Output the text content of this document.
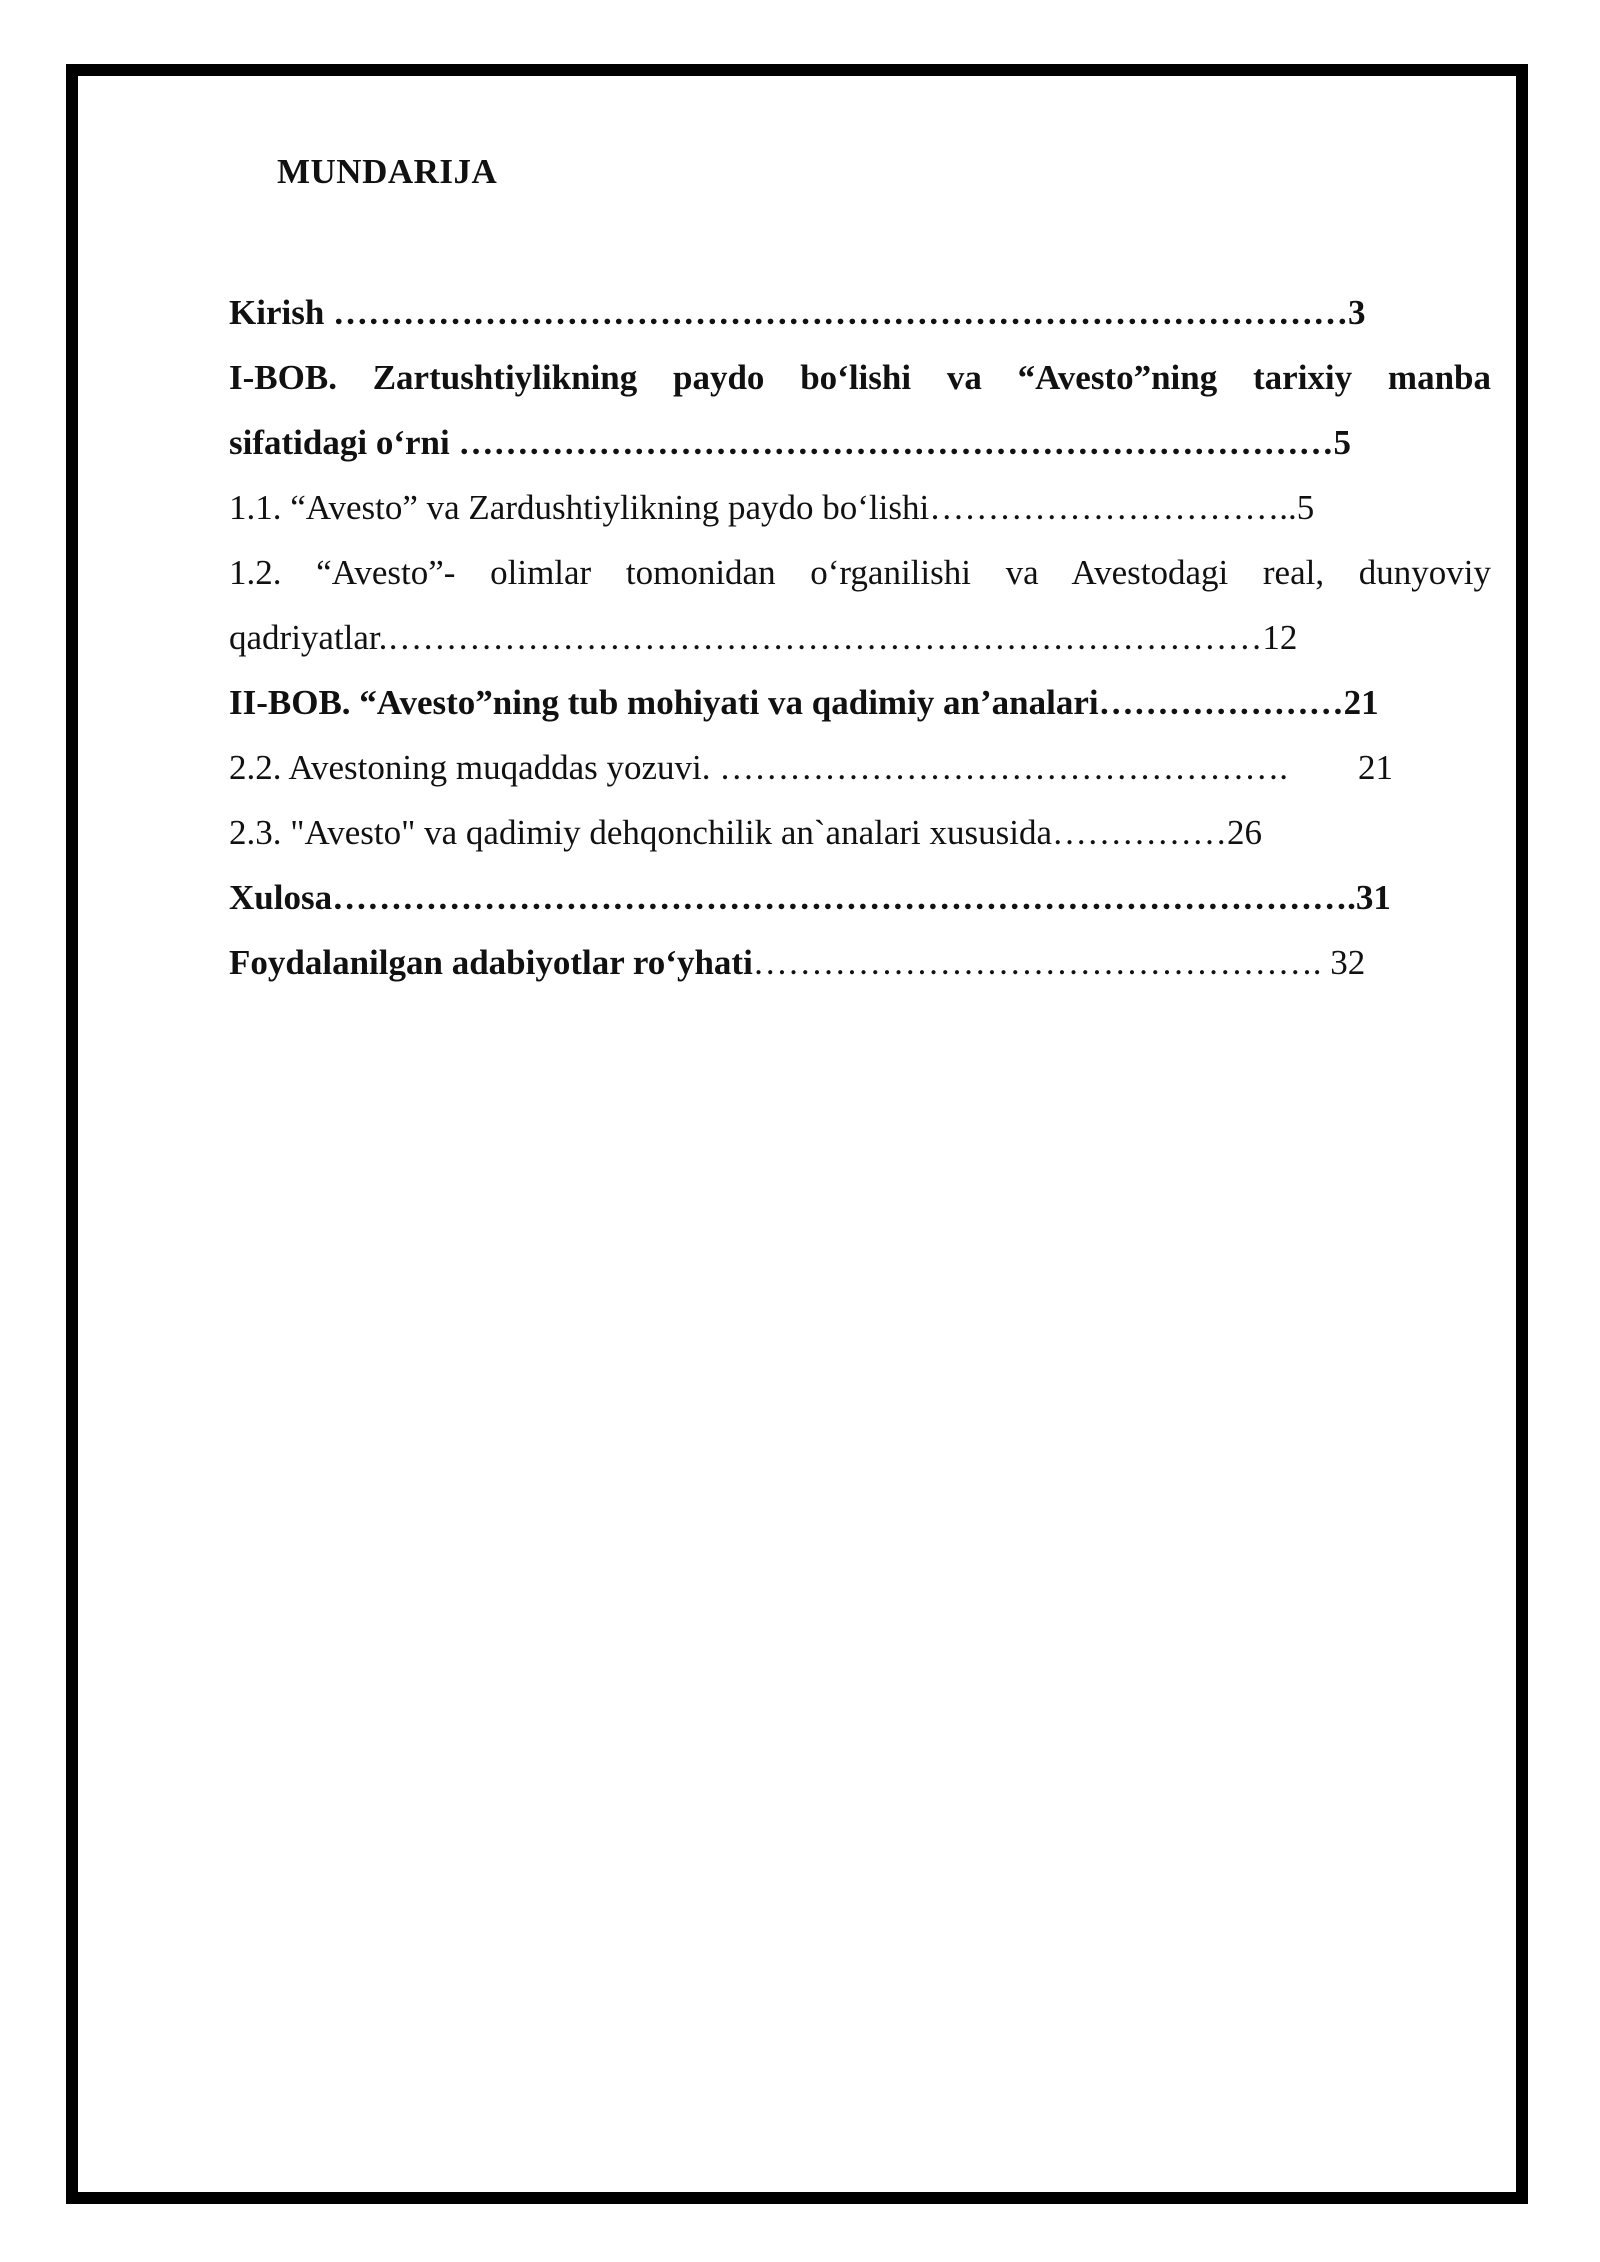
MUNDARIJA
Kirish ……………………………………………………………………………3
I-BOB. Zartushtiylikning paydo bo‘lishi va “Avesto”ning tarixiy manba
sifatidagi o‘rni …………………………………………………………………5
1.1. “Avesto” va Zardushtiylikning paydo bo‘lishi…………………………..5
1.2. “Avesto”- olimlar tomonidan o‘rganilishi va Avestodagi real, dunyoviy
qadriyatlar.…………………………………………………………………12
II-BOB. “Avesto”ning tub mohiyati va qadimiy an’analari…………………21
2.2. Avestoning muqaddas yozuvi. …………………………………………. 21
2.3. "Avesto" va qadimiy dehqonchilik an`analari xususida……………26
Xulosa…………………………………………………………………………….31
Foydalanilgan adabiyotlar ro‘yhati…………………………………………. 32
